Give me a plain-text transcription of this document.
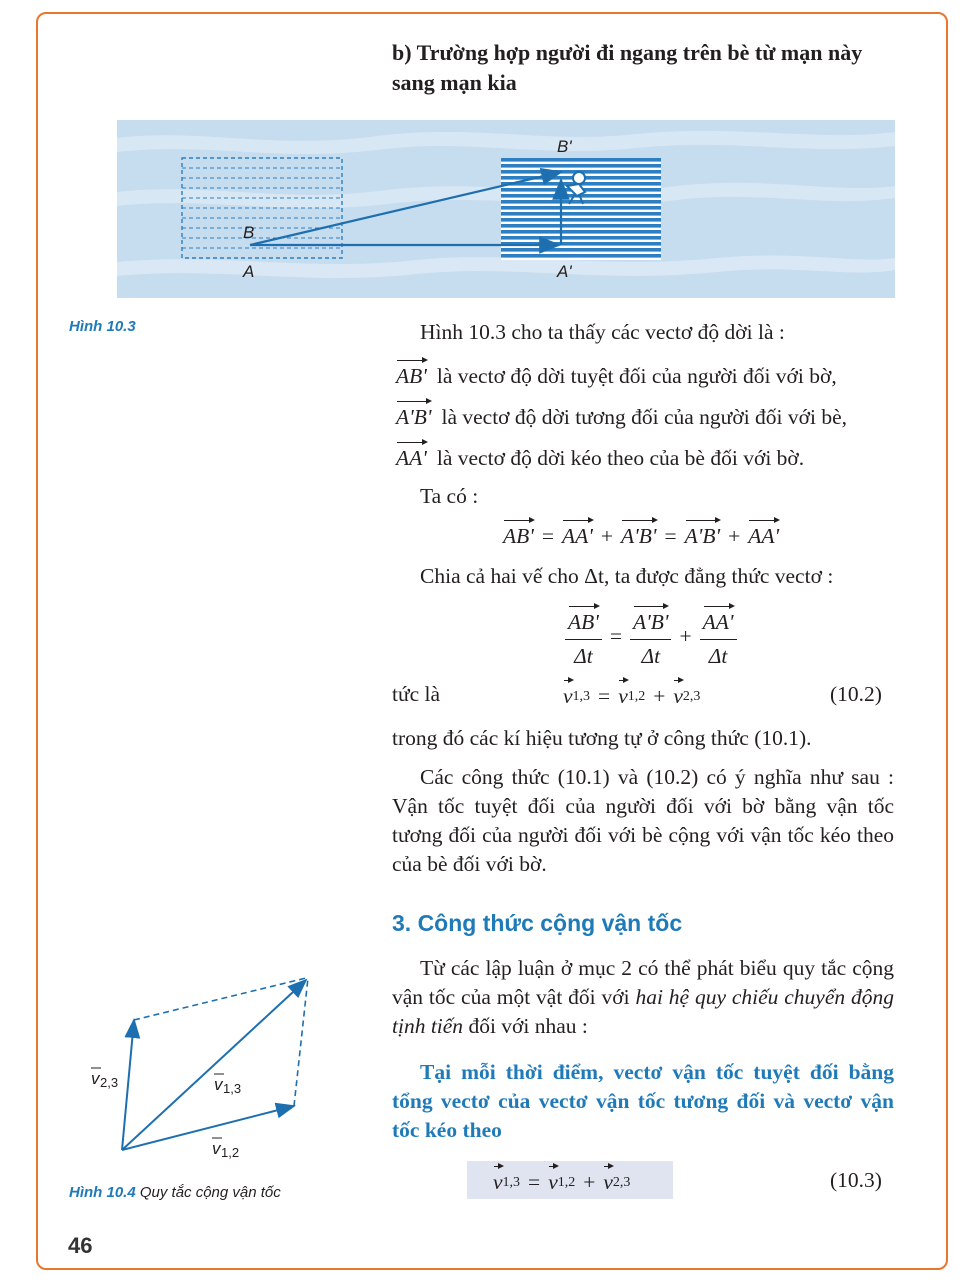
b) Trường hợp người đi ngang trên bè từ mạn này sang mạn kia
B
A
B'
A'
Hình 10.3	Hình 10.3 cho ta thấy các vectơ độ dời là :
AB' là vectơ độ dời tuyệt đối của người đối với bờ,
A'B' là vectơ độ dời tương đối của người đối với bè,
AA' là vectơ độ dời kéo theo của bè đối với bờ.
Ta có :
AB' = AA' + A'B' = A'B' + AA'
Chia cả hai vế cho Δt, ta được đẳng thức vectơ :
$\frac{AB'}{\Delta t} = \frac{A'B'}{\Delta t} + \frac{AA'}{\Delta t}$
tức là	v 1,3 = v 1,2 + v 2,3	(10.2)
trong đó các kí hiệu tương tự ở công thức (10.1).
Các công thức (10.1) và (10.2) có ý nghĩa như sau : Vận tốc tuyệt đối của người đối với bờ bằng vận tốc tương đối của người đối với bè cộng với vận tốc kéo theo của bè đối với bờ.
3. Công thức cộng vận tốc
Từ các lập luận ở mục 2 có thể phát biểu quy tắc cộng vận tốc của một vật đối với hai hệ quy chiếu chuyển động tịnh tiến đối với nhau :
Tại mỗi thời điểm, vectơ vận tốc tuyệt đối bằng tổng vectơ của vectơ vận tốc tương đối và vectơ vận tốc kéo theo
v 1,3 = v 1,2 + v 2,3	(10.3)
v 1,3
v 1,2
v 2,3
Hình 10.4 Quy tắc cộng vận tốc
46
